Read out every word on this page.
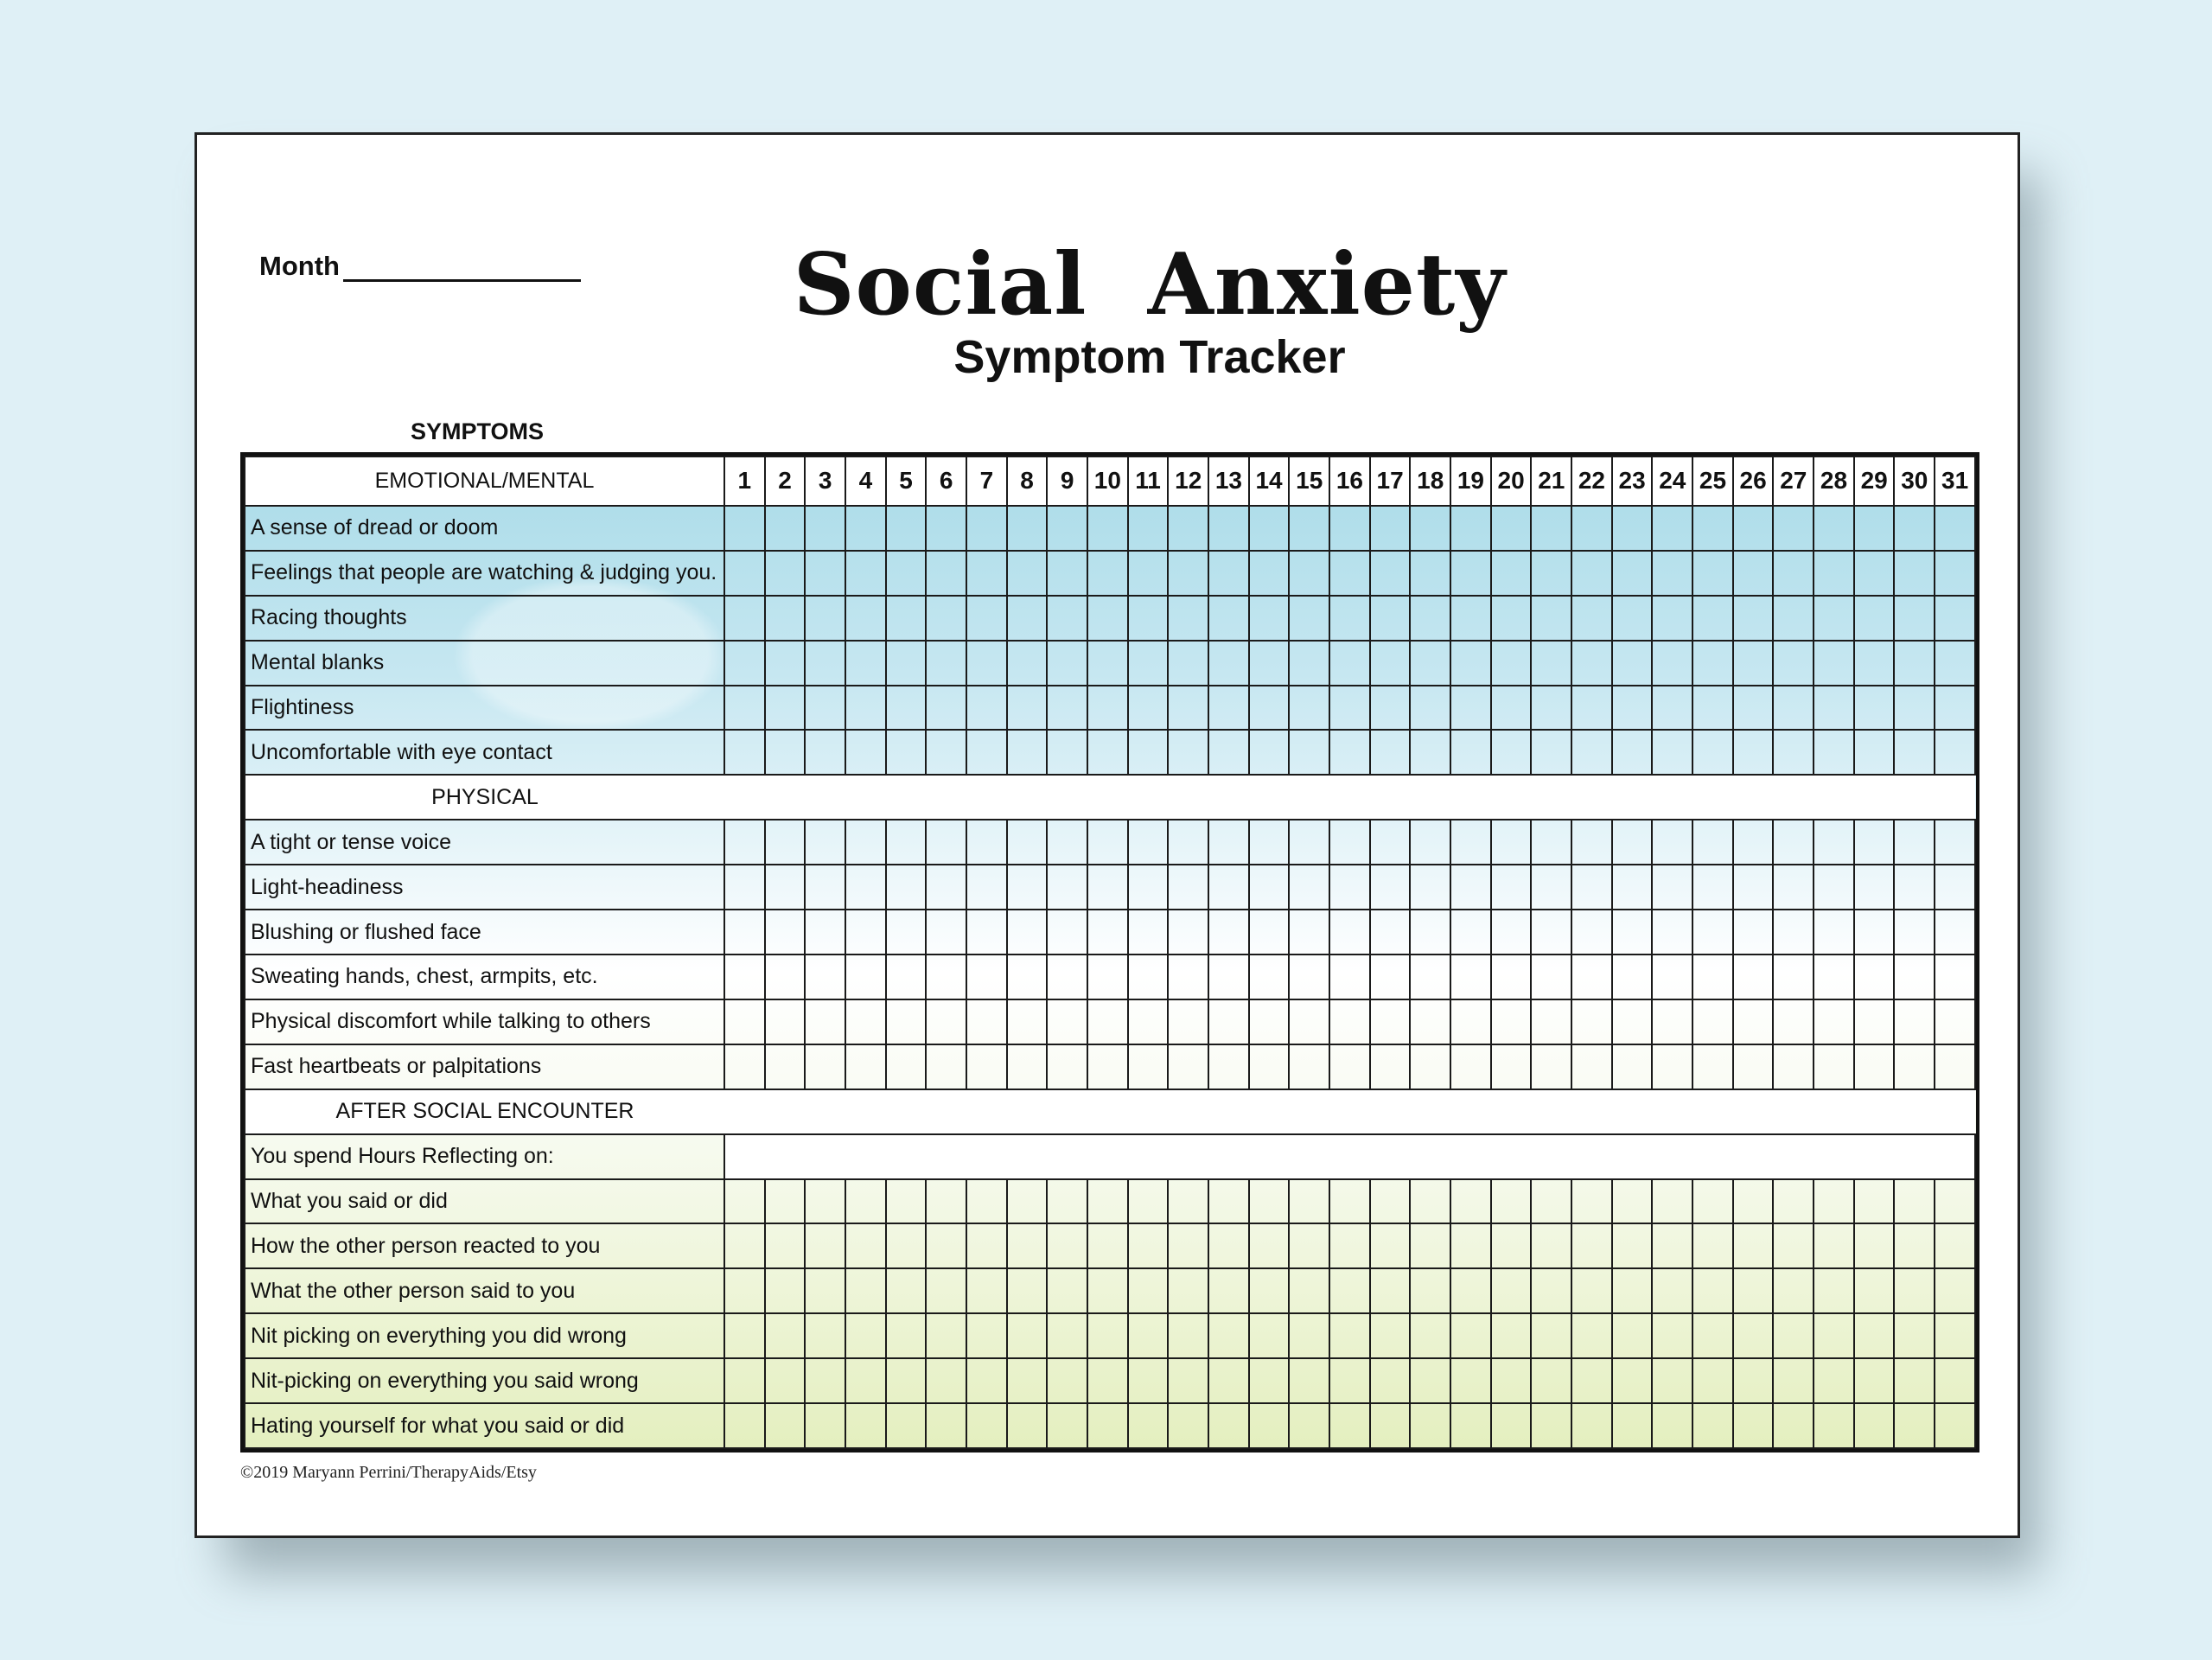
Month	Social  Anxiety
Symptom Tracker
SYMPTOMS
EMOTIONAL/MENTAL	1	2	3	4	5	6	7	8	9	10	11	12	13	14	15	16	17	18	19	20	21	22	23	24	25	26	27	28	29	30	31
A sense of dread or doom																															
Feelings that people are watching & judging you.																															
Racing thoughts																															
Mental blanks																															
Flightiness																															
Uncomfortable with eye contact																															
PHYSICAL																															
A tight or tense voice																															
Light-headiness																															
Blushing or flushed face																															
Sweating hands, chest, armpits, etc.																															
Physical discomfort while talking to others																															
Fast heartbeats or palpitations																															
AFTER SOCIAL ENCOUNTER																															
You spend Hours Reflecting on:																															
What you said or did																															
How the other person reacted to you																															
What the other person said to you																															
Nit picking on everything you did wrong																															
Nit-picking on everything you said wrong																															
Hating yourself for what you said or did																															
©2019 Maryann Perrini/TherapyAids/Etsy
